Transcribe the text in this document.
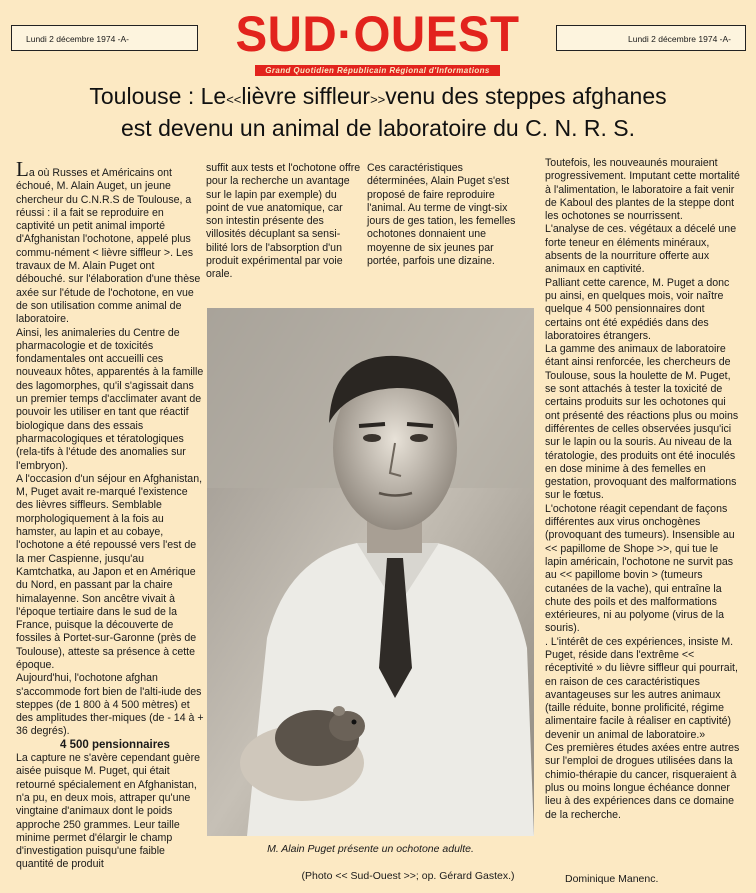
Lundi 2 décembre 1974 -A-	SUD·OUEST
Grand Quotidien Républicain Régional d'Informations
Lundi 2 décembre 1974 -A-
Toulouse : Le<<lièvre siffleur>>venu des steppes afghanes
est devenu un animal de laboratoire du C. N. R. S.

La où Russes et Américains ont échoué, M. Alain Auget, un jeune chercheur du C.N.R.S de Toulouse, a réussi : il a fait se reproduire en captivité un petit animal importé d'Afghanistan l'ochotone, appelé plus commu-nément < lièvre siffleur >. Les travaux de M. Alain Puget ont débouché. sur l'élaboration d'une thèse axée sur l'étude de l'ochotone, en vue de son utilisation comme animal de laboratoire.

Ainsi, les animaleries du Centre de pharmacologie et de toxicités fondamentales ont accueilli ces nouveaux hôtes, apparentés à la famille des lagomorphes, qu'il s'agissait dans un premier temps d'acclimater avant de pouvoir les utiliser en tant que réactif biologique dans des essais pharmacologiques et tératologiques (rela-tifs à l'étude des anomalies sur l'embryon).

A l'occasion d'un séjour en Afghanistan, M, Puget avait re-marqué l'existence des lièvres siffleurs. Semblable morphologiquement à la fois au hamster, au lapin et au cobaye, l'ochotone a été repoussé vers l'est de la mer Caspienne, jusqu'au Kamtchatka, au Japon et en Amérique du Nord, en passant par la chaire himalayenne. Son ancêtre vivait à l'époque tertiaire dans le sud de la France, puisque la découverte de fossiles à Portet-sur-Garonne (près de Toulouse), atteste sa présence à cette époque.

Aujourd'hui, l'ochotone afghan s'accommode fort bien de l'alti-iude des steppes (de 1 800 à 4 500 mètres) et des amplitudes ther-miques (de - 14 à + 36 degrés).

4 500 pensionnaires

La capture ne s'avère cependant guère aisée puisque M. Puget, qui était retourné spécialement en Afghanistan, n'a pu, en deux mois, attraper qu'une vingtaine d'animaux dont le poids approche 250 grammes. Leur taille minime permet d'élargir le champ d'investigation puisqu'une faible quantité de produit

suffit aux tests et l'ochotone offre pour la recherche un avantage sur le lapin par exemple) du point de vue anatomique, car son intestin présente des villosités décuplant sa sensi-bilité lors de l'absorption d'un produit expérimental par voie orale.

Ces caractéristiques déterminées, Alain Puget s'est proposé de faire reproduire l'animal. Au terme de vingt-six jours de ges tation, les femelles ochotones donnaient une moyenne de six jeunes par portée, parfois une dizaine.

Toutefois, les nouveaunés mouraient progressivement. Imputant cette mortalité à l'alimentation, le laboratoire a fait venir de Kaboul des plantes de la steppe dont les ochotones se nourrissent.

L'analyse de ces. végétaux a décelé une forte teneur en éléments minéraux, absents de la nourriture offerte aux animaux en captivité.

Palliant cette carence, M. Puget a donc pu ainsi, en quelques mois, voir naître quelque 4 500 pensionnaires dont certains ont été expédiés dans des laboratoires étrangers.

La gamme des animaux de laboratoire étant ainsi renforcée, les chercheurs de Toulouse, sous la houlette de M. Puget, se sont attachés à tester la toxicité de certains produits sur les ochotones qui ont présenté des réactions plus ou moins différentes de celles observées jusqu'ici sur le lapin ou la souris. Au niveau de la tératologie, des produits ont été inoculés en dose minime à des femelles en gestation, provoquant des malformations sur le fœtus.

L'ochotone réagit cependant de façons différentes aux virus onchogènes (provoquant des tumeurs). Insensible au << papillome de Shope >>, qui tue le lapin américain, l'ochotone ne survit pas au << papillome bovin > (tumeurs cutanées de la vache), qui entraîne la chute des poils et des malformations extérieures, ni au polyome (virus de la souris).

. L'intérêt de ces expériences, insiste M. Puget, réside dans l'extrême << réceptivité » du lièvre siffleur qui pourrait, en raison de ces caractéristiques avantageuses sur les autres animaux (taille réduite, bonne prolificité, régime alimentaire facile à réaliser en captivité) devenir un animal de laboratoire.»

Ces premières études axées entre autres sur l'emploi de drogues utilisées dans la chimio-thérapie du cancer, risqueraient à plus ou moins longue échéance donner lieu à des expériences dans ce domaine de la recherche.

M. Alain Puget présente un ochotone adulte.
(Photo << Sud-Ouest >>; op. Gérard Gastex.)	Dominique Manenc.
